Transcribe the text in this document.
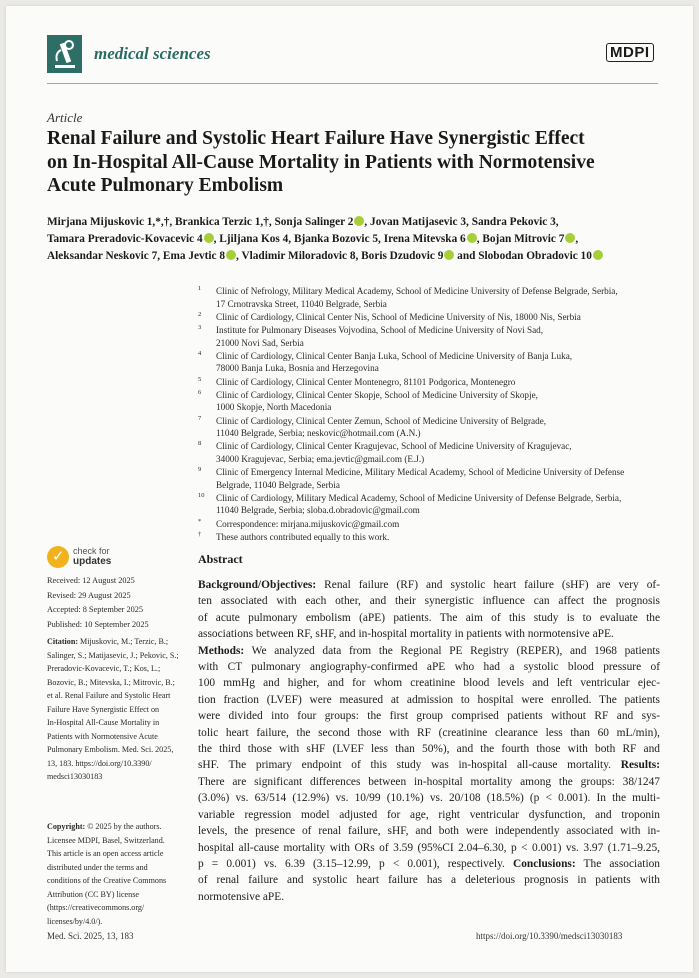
medical sciences	MDPI
Article
Renal Failure and Systolic Heart Failure Have Synergistic Effect
on In-Hospital All-Cause Mortality in Patients with Normotensive
Acute Pulmonary Embolism
Mirjana Mijuskovic 1,*,†, Brankica Terzic 1,†, Sonja Salinger 2 , Jovan Matijasevic 3, Sandra Pekovic 3,
Tamara Preradovic-Kovacevic 4 , Ljiljana Kos 4, Bjanka Bozovic 5, Irena Mitevska 6 , Bojan Mitrovic 7 ,
Aleksandar Neskovic 7, Ema Jevtic 8 , Vladimir Miloradovic 8, Boris Dzudovic 9 and Slobodan Obradovic 10
1 Clinic of Nefrology, Military Medical Academy, School of Medicine University of Defense Belgrade, Serbia,
17 Crnotravska Street, 11040 Belgrade, Serbia
2 Clinic of Cardiology, Clinical Center Nis, School of Medicine University of Nis, 18000 Nis, Serbia
3 Institute for Pulmonary Diseases Vojvodina, School of Medicine University of Novi Sad,
21000 Novi Sad, Serbia
4 Clinic of Cardiology, Clinical Center Banja Luka, School of Medicine University of Banja Luka,
78000 Banja Luka, Bosnia and Herzegovina
5 Clinic of Cardiology, Clinical Center Montenegro, 81101 Podgorica, Montenegro
6 Clinic of Cardiology, Clinical Center Skopje, School of Medicine University of Skopje,
1000 Skopje, North Macedonia
7 Clinic of Cardiology, Clinical Center Zemun, School of Medicine University of Belgrade,
11040 Belgrade, Serbia; neskovic@hotmail.com (A.N.)
8 Clinic of Cardiology, Clinical Center Kragujevac, School of Medicine University of Kragujevac,
34000 Kragujevac, Serbia; ema.jevtic@gmail.com (E.J.)
9 Clinic of Emergency Internal Medicine, Military Medical Academy, School of Medicine University of Defense
Belgrade, 11040 Belgrade, Serbia
10 Clinic of Cardiology, Military Medical Academy, School of Medicine University of Defense Belgrade, Serbia,
11040 Belgrade, Serbia; sloba.d.obradovic@gmail.com
* Correspondence: mirjana.mijuskovic@gmail.com
† These authors contributed equally to this work.
✓
check for
updates
Received: 12 August 2025
Revised: 29 August 2025
Accepted: 8 September 2025
Published: 10 September 2025
Citation: Mijuskovic, M.; Terzic, B.;
Salinger, S.; Matijasevic, J.; Pekovic, S.;
Preradovic-Kovacevic, T.; Kos, L.;
Bozovic, B.; Mitevska, I.; Mitrovic, B.;
et al. Renal Failure and Systolic Heart
Failure Have Synergistic Effect on
In-Hospital All-Cause Mortality in
Patients with Normotensive Acute
Pulmonary Embolism. Med. Sci. 2025,
13, 183. https://doi.org/10.3390/
medsci13030183
Copyright: © 2025 by the authors.
Licensee MDPI, Basel, Switzerland.
This article is an open access article
distributed under the terms and
conditions of the Creative Commons
Attribution (CC BY) license
(https://creativecommons.org/
licenses/by/4.0/).
Abstract
Background/Objectives: Renal failure (RF) and systolic heart failure (sHF) are very of-
ten associated with each other, and their synergistic influence can affect the prognosis
of acute pulmonary embolism (aPE) patients. The aim of this study is to evaluate the
associations between RF, sHF, and in-hospital mortality in patients with normotensive aPE.
Methods: We analyzed data from the Regional PE Registry (REPER), and 1968 patients
with CT pulmonary angiography-confirmed aPE who had a systolic blood pressure of
100 mmHg and higher, and for whom creatinine blood levels and left ventricular ejec-
tion fraction (LVEF) were measured at admission to hospital were enrolled. The patients
were divided into four groups: the first group comprised patients without RF and sys-
tolic heart failure, the second those with RF (creatinine clearance less than 60 mL/min),
the third those with sHF (LVEF less than 50%), and the fourth those with both RF and
sHF. The primary endpoint of this study was in-hospital all-cause mortality. Results:
There are significant differences between in-hospital mortality among the groups: 38/1247
(3.0%) vs. 63/514 (12.9%) vs. 10/99 (10.1%) vs. 20/108 (18.5%) (p < 0.001). In the multi-
variable regression model adjusted for age, right ventricular dysfunction, and troponin
levels, the presence of renal failure, sHF, and both were independently associated with in-
hospital all-cause mortality with ORs of 3.59 (95%CI 2.04–6.30, p < 0.001) vs. 3.97 (1.71–9.25,
p = 0.001) vs. 6.39 (3.15–12.99, p < 0.001), respectively. Conclusions: The association
of renal failure and systolic heart failure has a deleterious prognosis in patients with
normotensive aPE.
Med. Sci. 2025, 13, 183	https://doi.org/10.3390/medsci13030183
